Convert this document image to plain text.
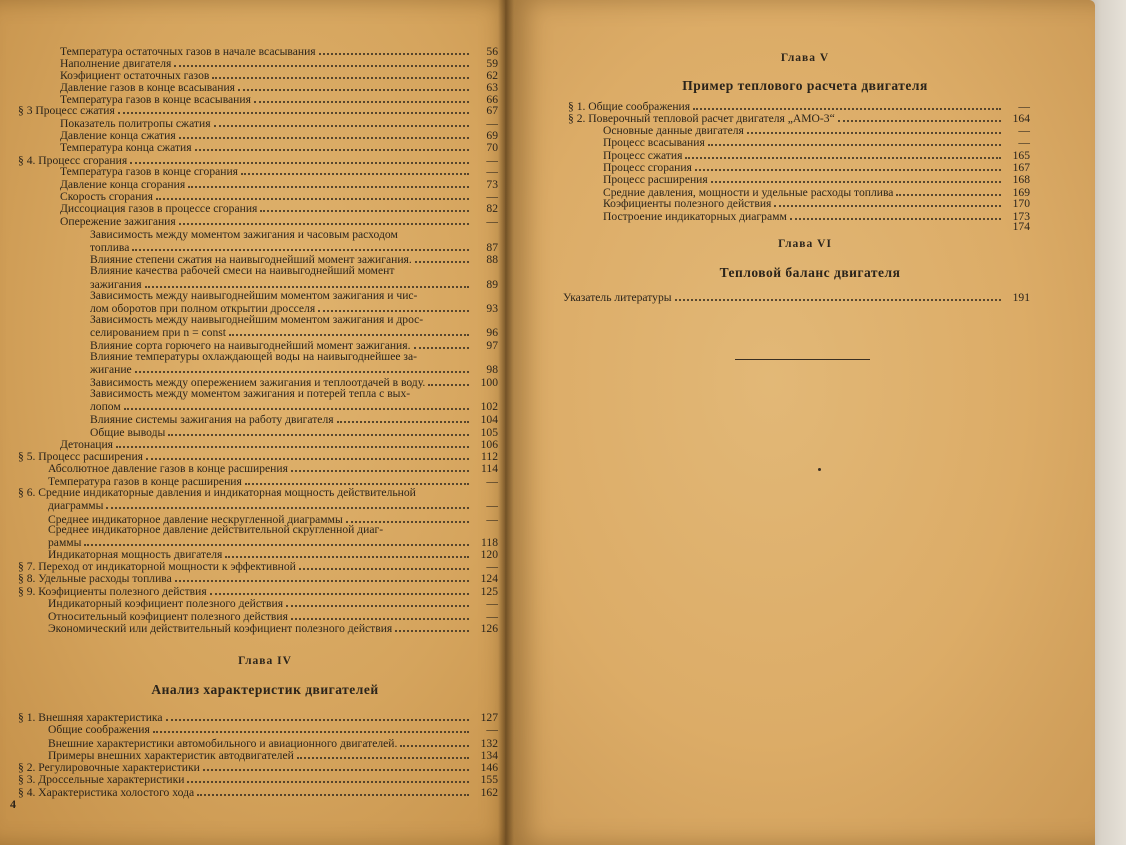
Температура остаточных газов в начале всасывания	56
Наполнение двигателя	59
Коэфициент остаточных газов	62
Давление газов в конце всасывания	63
Температура газов в конце всасывания	66
§ 3 Процесс сжатия	67
Показатель политропы сжатия	—
Давление конца сжатия	69
Температура конца сжатия	70
§ 4. Процесс сгорания	—
Температура газов в конце сгорания	—
Давление конца сгорания	73
Скорость сгорания	—
Диссоциация газов в процессе сгорания	82
Опережение зажигания	—
Зависимость между моментом зажигания и часовым расходом
топлива	87
Влияние степени сжатия на наивыгоднейший момент зажигания.	88
Влияние качества рабочей смеси на наивыгоднейший момент
зажигания	89
Зависимость между наивыгоднейшим моментом зажигания и чис-
лом оборотов при полном открытии дросселя	93
Зависимость между наивыгоднейшим моментом зажигания и дрос-
селированием при n = const	96
Влияние сорта горючего на наивыгоднейший момент зажигания.	97
Влияние температуры охлаждающей воды на наивыгоднейшее за-
жигание	98
Зависимость между опережением зажигания и теплоотдачей в воду.	100
Зависимость между моментом зажигания и потерей тепла с вых-
лопом	102
Влияние системы зажигания на работу двигателя	104
Общие выводы	105
Детонация	106
§ 5. Процесс расширения	112
Абсолютное давление газов в конце расширения	114
Температура газов в конце расширения	—
§ 6. Средние индикаторные давления и индикаторная мощность действительной
диаграммы	—
Среднее индикаторное давление нескругленной диаграммы	—
Среднее индикаторное давление действительной скругленной диаг-
раммы	118
Индикаторная мощность двигателя	120
§ 7. Переход от индикаторной мощности к эффективной	—
§ 8. Удельные расходы топлива	124
§ 9. Коэфициенты полезного действия	125
Индикаторный коэфициент полезного действия	—
Относительный коэфициент полезного действия	—
Экономический или действительный коэфициент полезного действия	126
Глава IV
Анализ характеристик двигателей
§ 1. Внешняя характеристика	127
Общие соображения	—
Внешние характеристики автомобильного и авиационного двигателей.	132
Примеры внешних характеристик автодвигателей	134
§ 2. Регулировочные характеристики	146
§ 3. Дроссельные характеристики	155
§ 4. Характеристика холостого хода	162
4
Глава V
Пример теплового расчета двигателя
§ 1. Общие соображения	—
§ 2. Поверочный тепловой расчет двигателя „АМО-3“	164
Основные данные двигателя	—
Процесс всасывания	—
Процесс сжатия	165
Процесс сгорания	167
Процесс расширения	168
Средние давления, мощности и удельные расходы топлива	169
Коэфициенты полезного действия	170
Построение индикаторных диаграмм	173
174
Глава VI
Тепловой баланс двигателя
Указатель литературы	191
